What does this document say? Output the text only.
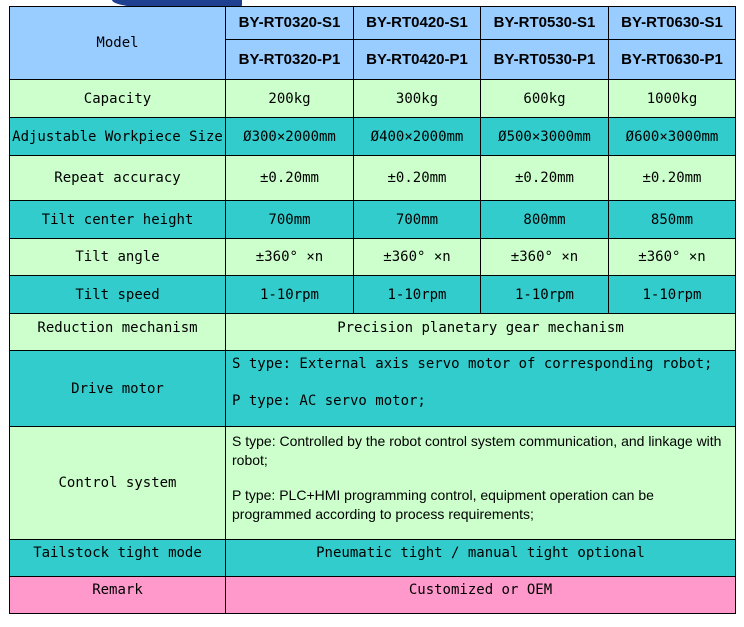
Model	BY-RT0320-S1	BY-RT0420-S1	BY-RT0530-S1	BY-RT0630-S1
	BY-RT0320-P1	BY-RT0420-P1	BY-RT0530-P1	BY-RT0630-P1
Capacity	200kg	300kg	600kg	1000kg
Adjustable Workpiece Size	Ø300×2000mm	Ø400×2000mm	Ø500×3000mm	Ø600×3000mm
Repeat accuracy	±0.20mm	±0.20mm	±0.20mm	±0.20mm
Tilt center height	700mm	700mm	800mm	850mm
Tilt angle	±360° ×n	±360° ×n	±360° ×n	±360° ×n
Tilt speed	1-10rpm	1-10rpm	1-10rpm	1-10rpm
Reduction mechanism	Precision planetary gear mechanism			
Drive motor	S type: External axis servo motor of corresponding robot;
P type: AC servo motor;			

Control system	S type: Controlled by the robot control system communication, and linkage with robot;
P type: PLC+HMI programming control, equipment operation can be programmed according to process requirements;			

Tailstock tight mode	Pneumatic tight / manual tight optional			
Remark	Customized or OEM			
